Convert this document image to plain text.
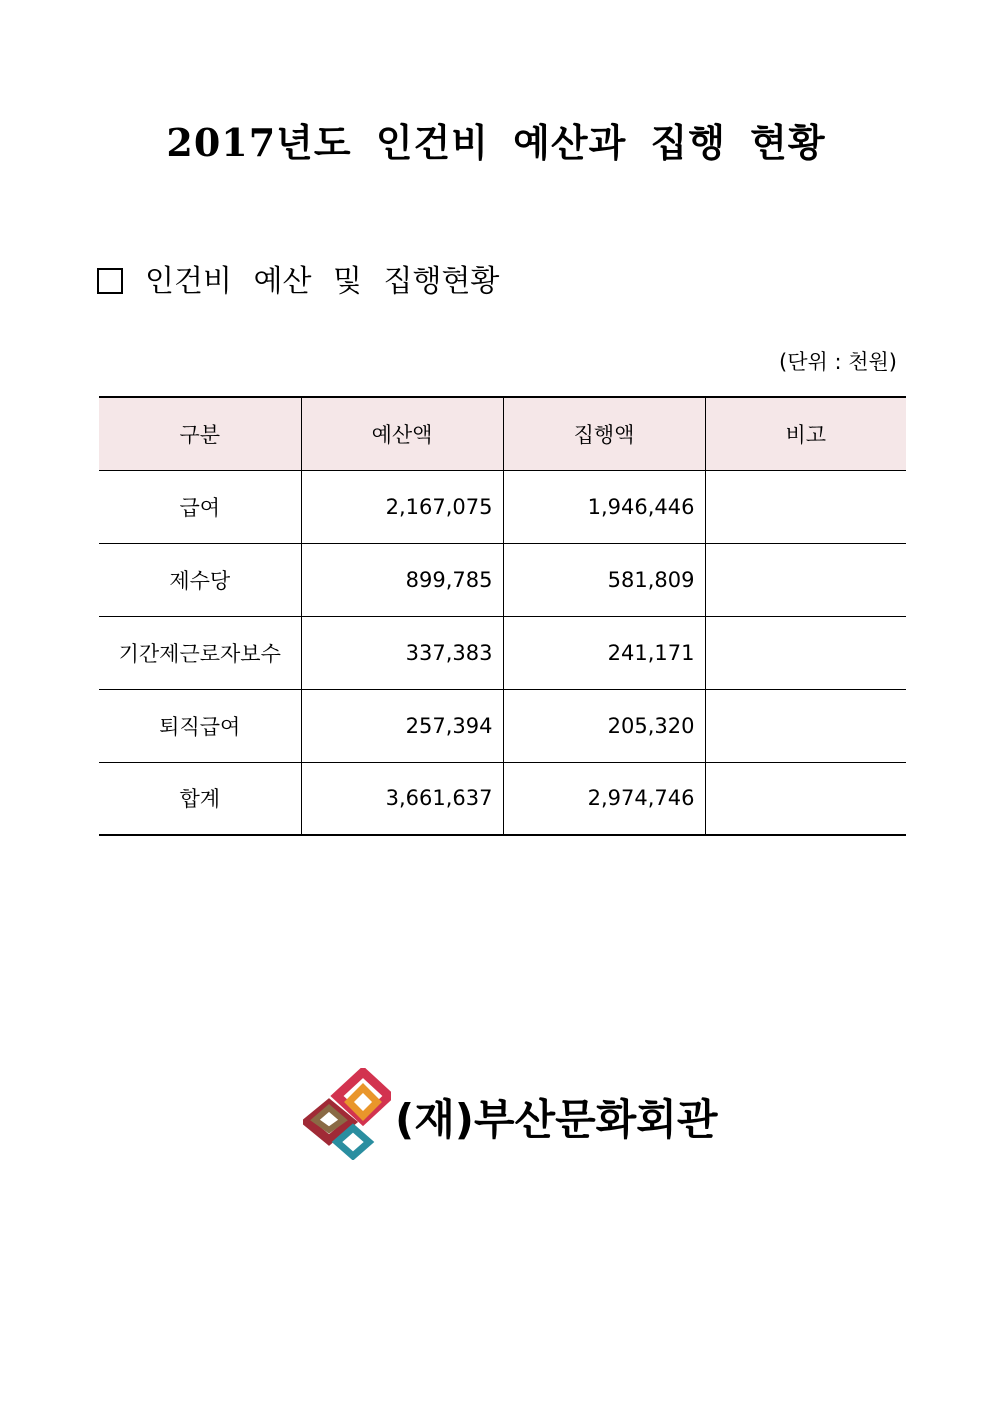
2017년도 인건비 예산과 집행 현황
인건비 예산 및 집행현황
(단위 : 천원)
구분	예산액	집행액	비고
급여	2,167,075	1,946,446	
제수당	899,785	581,809	
기간제근로자보수	337,383	241,171	
퇴직급여	257,394	205,320	
합계	3,661,637	2,974,746	
(재)부산문화회관
